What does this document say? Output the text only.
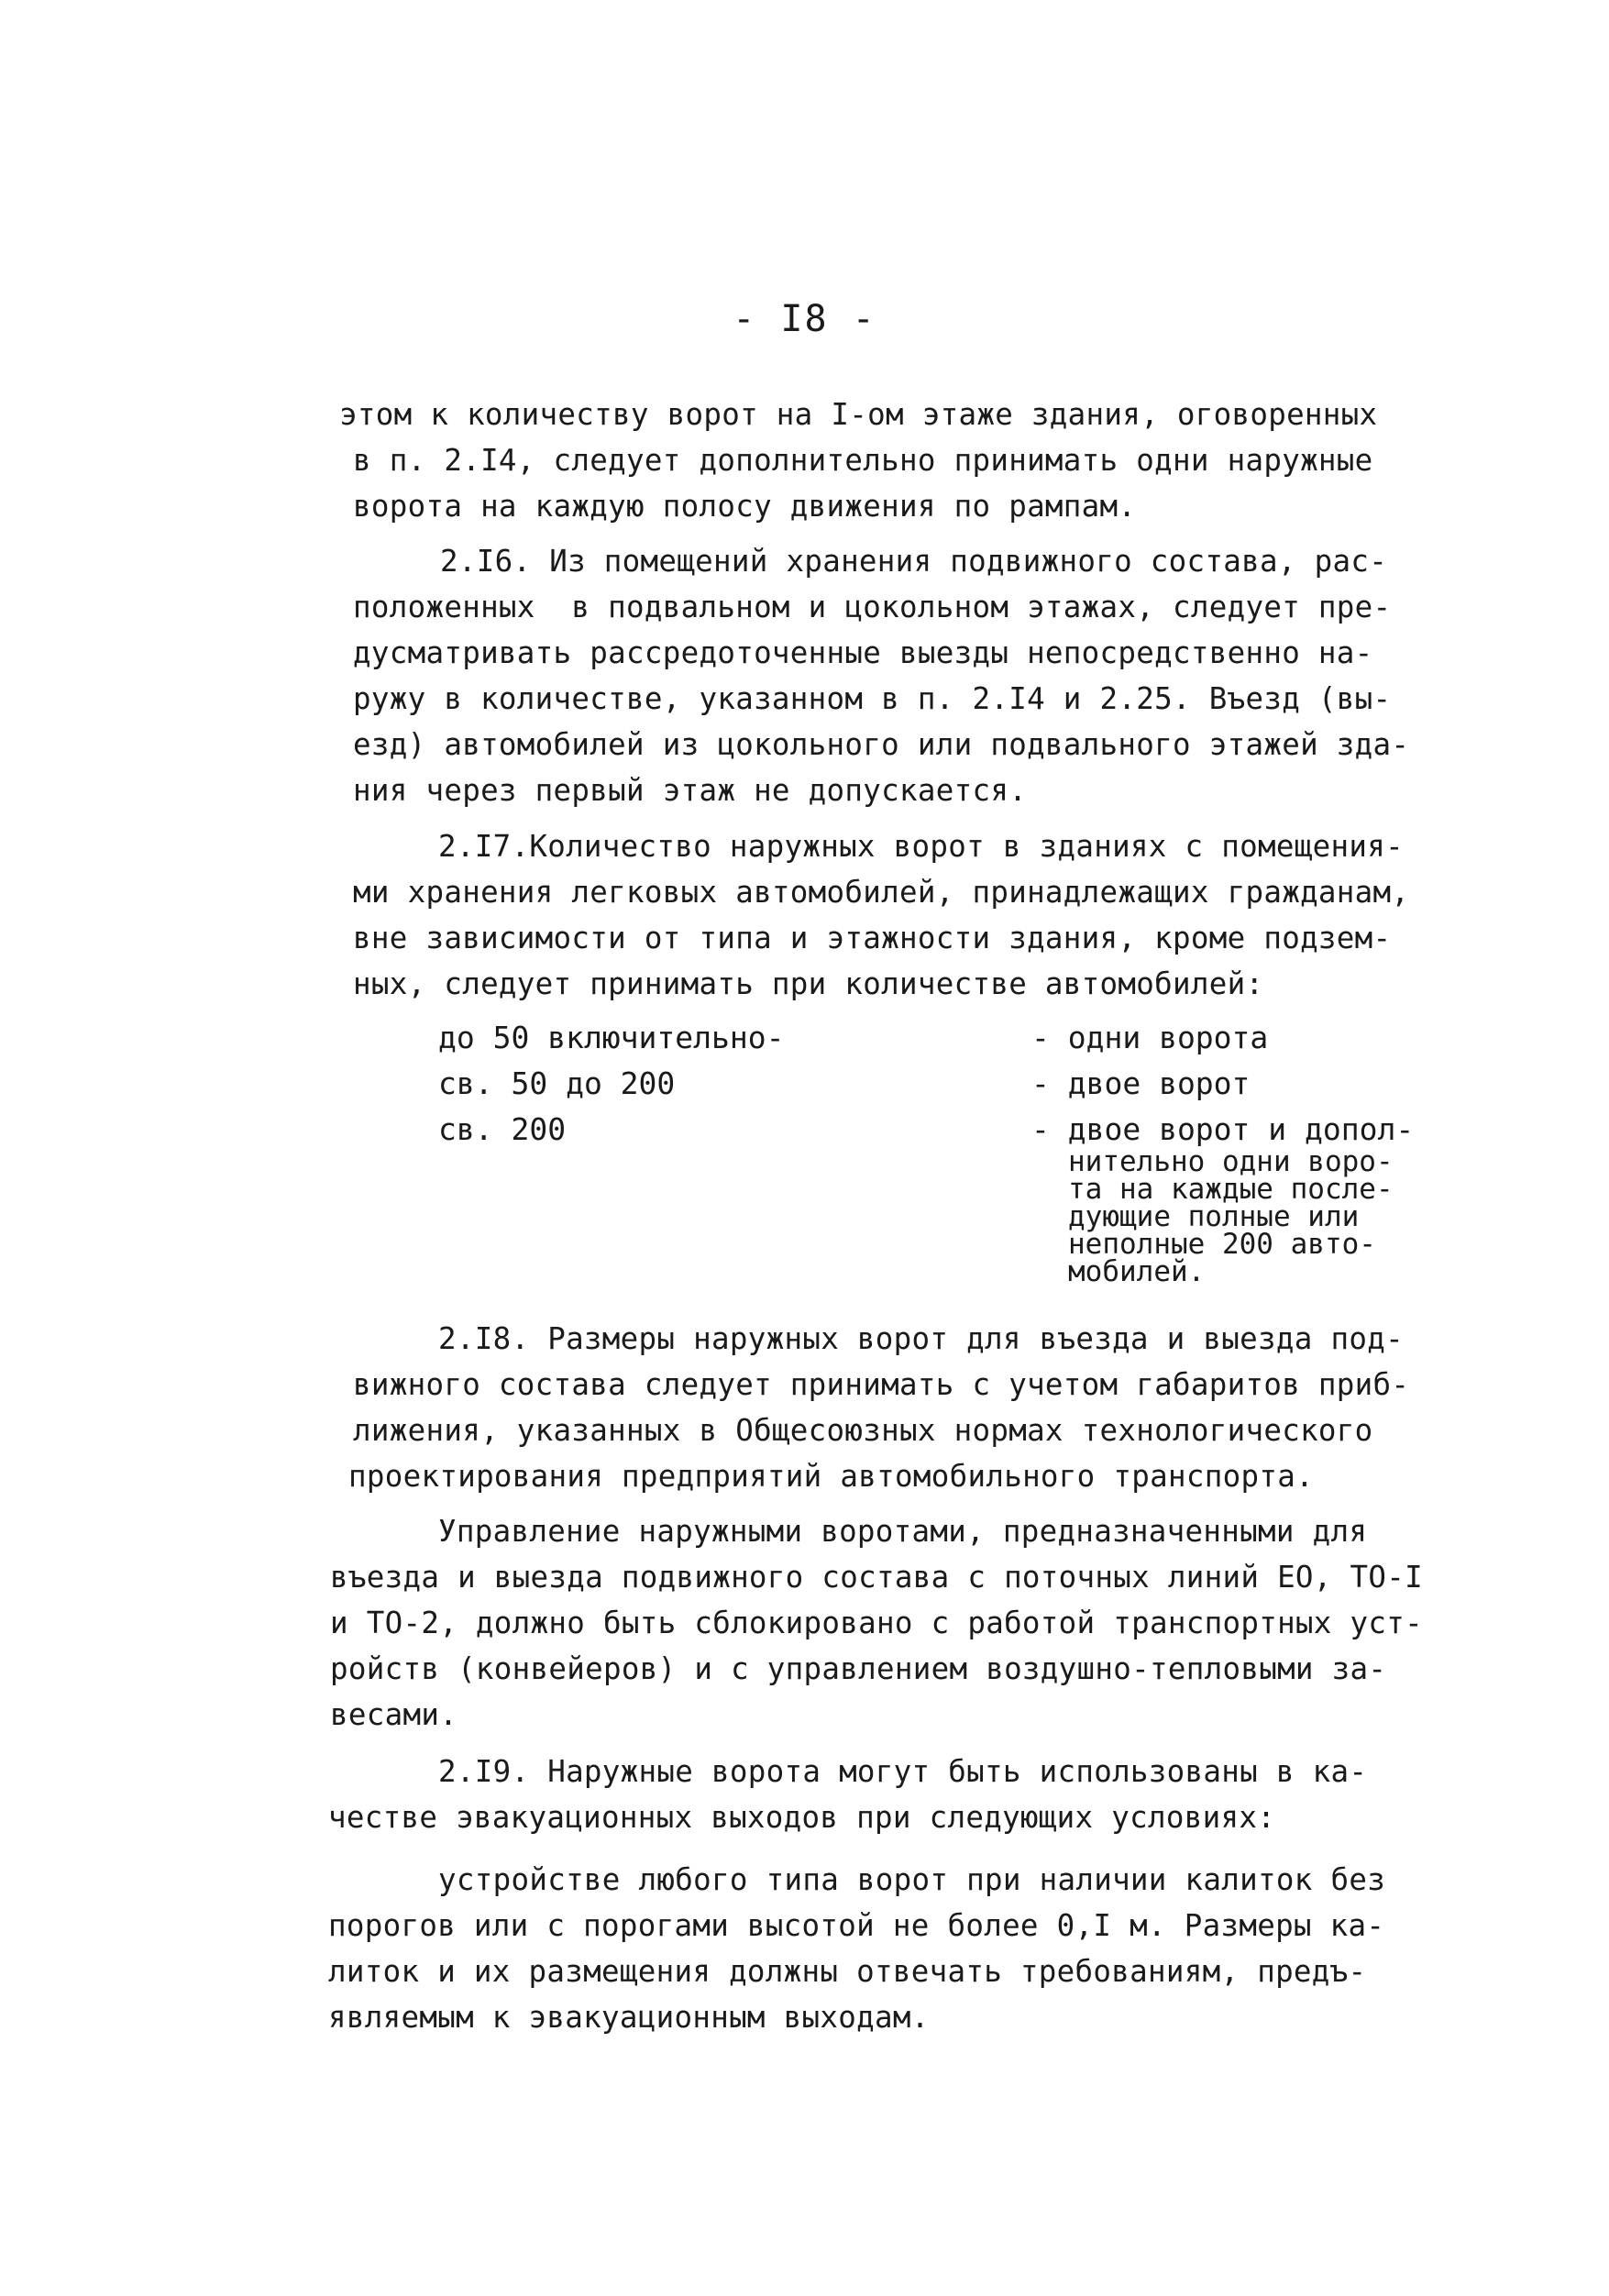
- I8 -
этом к количеству ворот на I-ом этаже здания, оговоренных
в п. 2.I4, следует дополнительно принимать одни наружные
ворота на каждую полосу движения по рампам.
2.I6. Из помещений хранения подвижного состава, рас-
положенных  в подвальном и цокольном этажах, следует пре-
дусматривать рассредоточенные выезды непосредственно на-
ружу в количестве, указанном в п. 2.I4 и 2.25. Въезд (вы-
езд) автомобилей из цокольного или подвального этажей зда-
ния через первый этаж не допускается.
2.I7.Количество наружных ворот в зданиях с помещения-
ми хранения легковых автомобилей, принадлежащих гражданам,
вне зависимости от типа и этажности здания, кроме подзем-
ных, следует принимать при количестве автомобилей:
до 50 включительно-	- одни ворота
св. 50 до 200	- двое ворот
св. 200	- двое ворот и допол-
нительно одни воро-
та на каждые после-
дующие полные или
неполные 200 авто-
мобилей.
2.I8. Размеры наружных ворот для въезда и выезда под-
вижного состава следует принимать с учетом габаритов приб-
лижения, указанных в Общесоюзных нормах технологического
проектирования предприятий автомобильного транспорта.
Управление наружными воротами, предназначенными для
въезда и выезда подвижного состава с поточных линий ЕО, ТО-I
и ТО-2, должно быть сблокировано с работой транспортных уст-
ройств (конвейеров) и с управлением воздушно-тепловыми за-
весами.
2.I9. Наружные ворота могут быть использованы в ка-
честве эвакуационных выходов при следующих условиях:
устройстве любого типа ворот при наличии калиток без
порогов или с порогами высотой не более 0,I м. Размеры ка-
литок и их размещения должны отвечать требованиям, предъ-
являемым к эвакуационным выходам.
